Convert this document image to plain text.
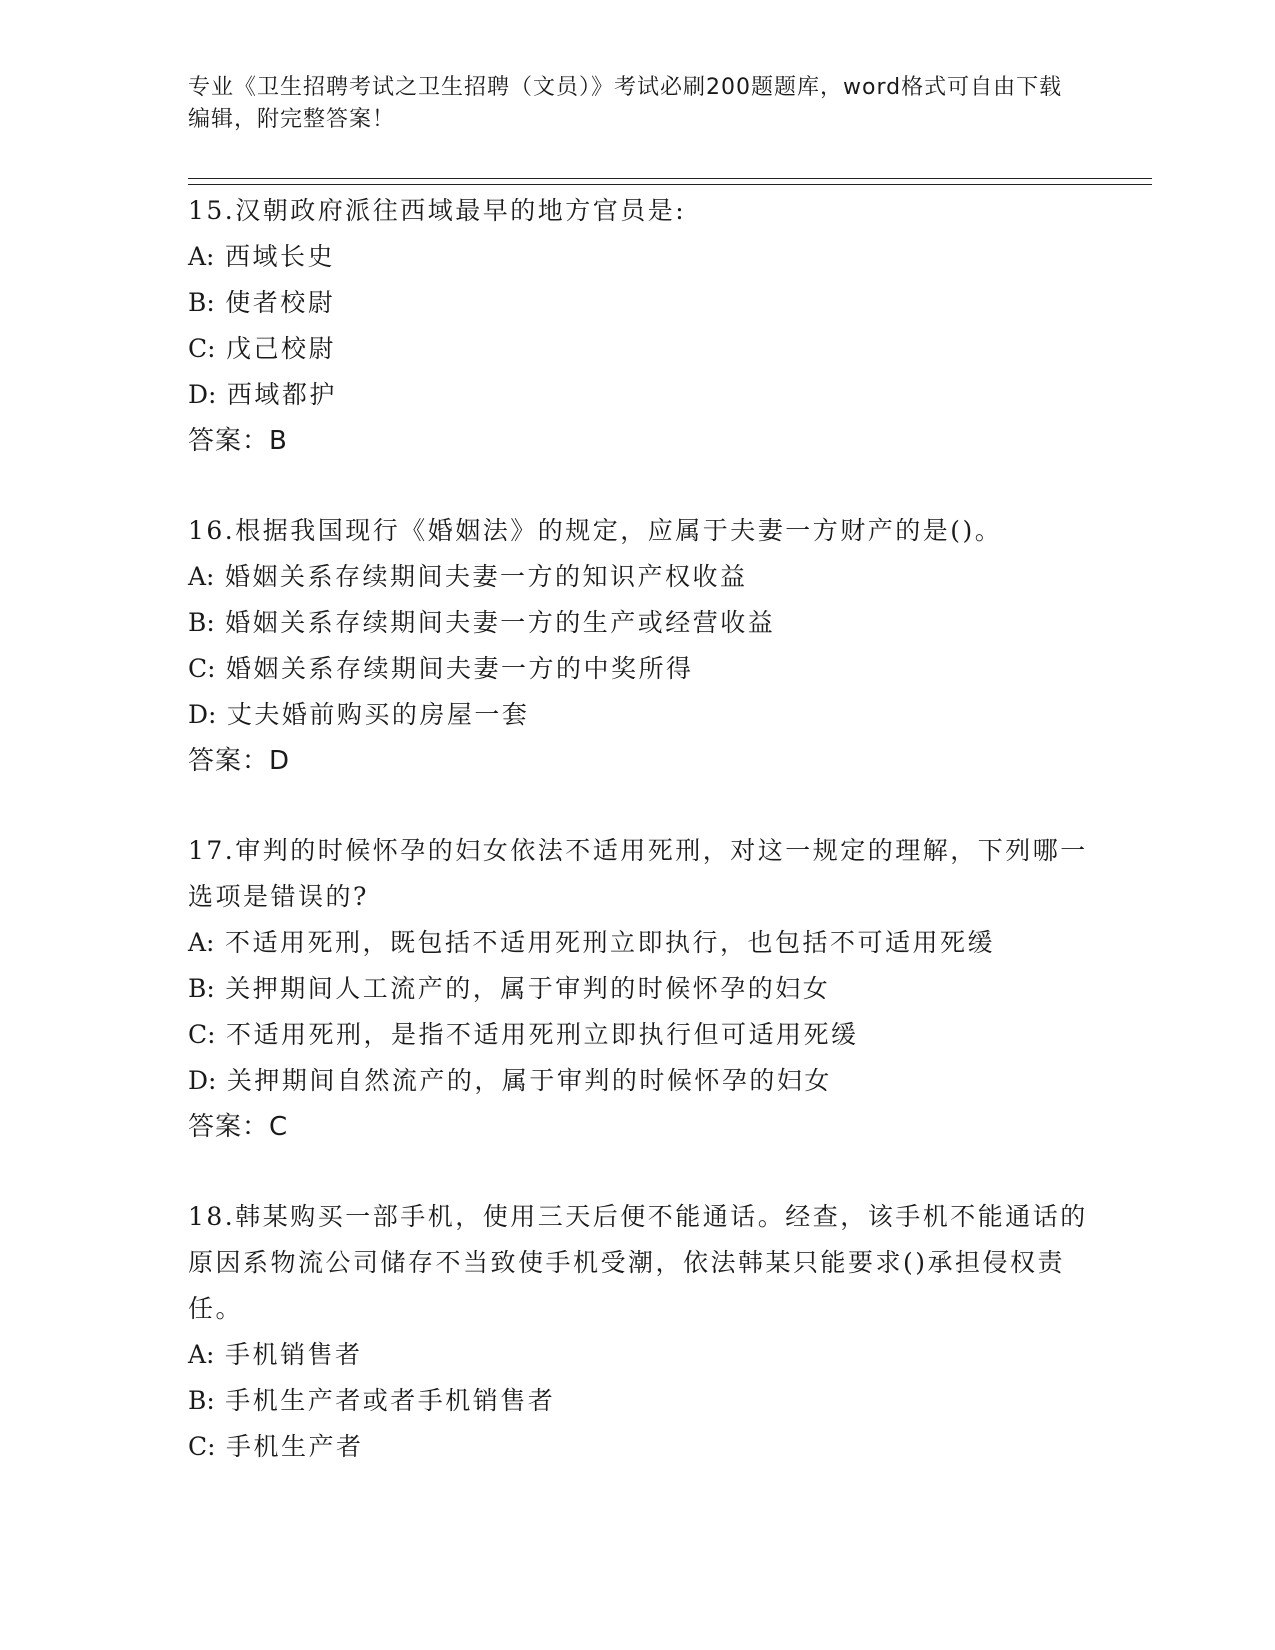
专业《卫生招聘考试之卫生招聘（文员）》考试必刷200题题库，word格式可自由下载编辑，附完整答案！
15.汉朝政府派往西域最早的地方官员是:
A: 西域长史
B: 使者校尉
C: 戊己校尉
D: 西域都护
答案：B
16.根据我国现行《婚姻法》的规定，应属于夫妻一方财产的是()。
A: 婚姻关系存续期间夫妻一方的知识产权收益
B: 婚姻关系存续期间夫妻一方的生产或经营收益
C: 婚姻关系存续期间夫妻一方的中奖所得
D: 丈夫婚前购买的房屋一套
答案：D
17.审判的时候怀孕的妇女依法不适用死刑，对这一规定的理解，下列哪一选项是错误的?
A: 不适用死刑，既包括不适用死刑立即执行，也包括不可适用死缓
B: 关押期间人工流产的，属于审判的时候怀孕的妇女
C: 不适用死刑，是指不适用死刑立即执行但可适用死缓
D: 关押期间自然流产的，属于审判的时候怀孕的妇女
答案：C
18.韩某购买一部手机，使用三天后便不能通话。经查，该手机不能通话的原因系物流公司储存不当致使手机受潮，依法韩某只能要求()承担侵权责任。
A: 手机销售者
B: 手机生产者或者手机销售者
C: 手机生产者
